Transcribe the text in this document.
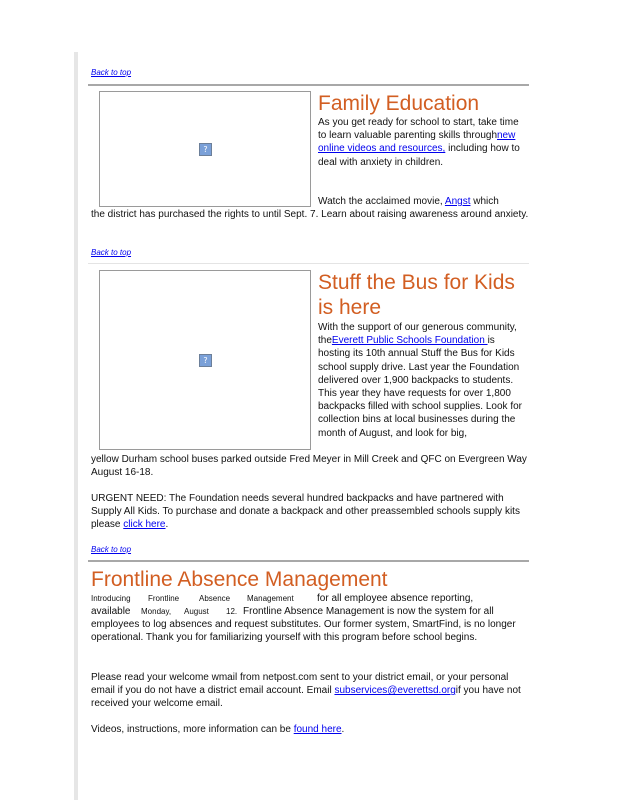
Back to top
?
Family Education
As you get ready for school to start, take time to learn valuable parenting skills throughnew online videos and resources, including how to deal with anxiety in children.
Watch the acclaimed movie, Angst which
the district has purchased the rights to until Sept. 7. Learn about raising awareness around anxiety.
Back to top
?
Stuff the Bus for Kids
is here
With the support of our generous community, theEverett Public Schools Foundation is hosting its 10th annual Stuff the Bus for Kids school supply drive. Last year the Foundation delivered over 1,900 backpacks to students. This year they have requests for over 1,800 backpacks filled with school supplies. Look for collection bins at local businesses during the month of August, and look for big,
yellow Durham school buses parked outside Fred Meyer in Mill Creek and QFC on Evergreen Way August 16-18.
URGENT NEED: The Foundation needs several hundred backpacks and have partnered with Supply All Kids. To purchase and donate a backpack and other preassembled schools supply kits please click here.
Back to top
Frontline Absence Management
Introducing Frontline Absence Management for all employee absence reporting,
available Monday, August 12. Frontline Absence Management is now the system for all
employees to log absences and request substitutes. Our former system, SmartFind, is no longer operational. Thank you for familiarizing yourself with this program before school begins.
Please read your welcome wmail from netpost.com sent to your district email, or your personal email if you do not have a district email account. Email subservices@everettsd.orgif you have not received your welcome email.
Videos, instructions, more information can be found here.
